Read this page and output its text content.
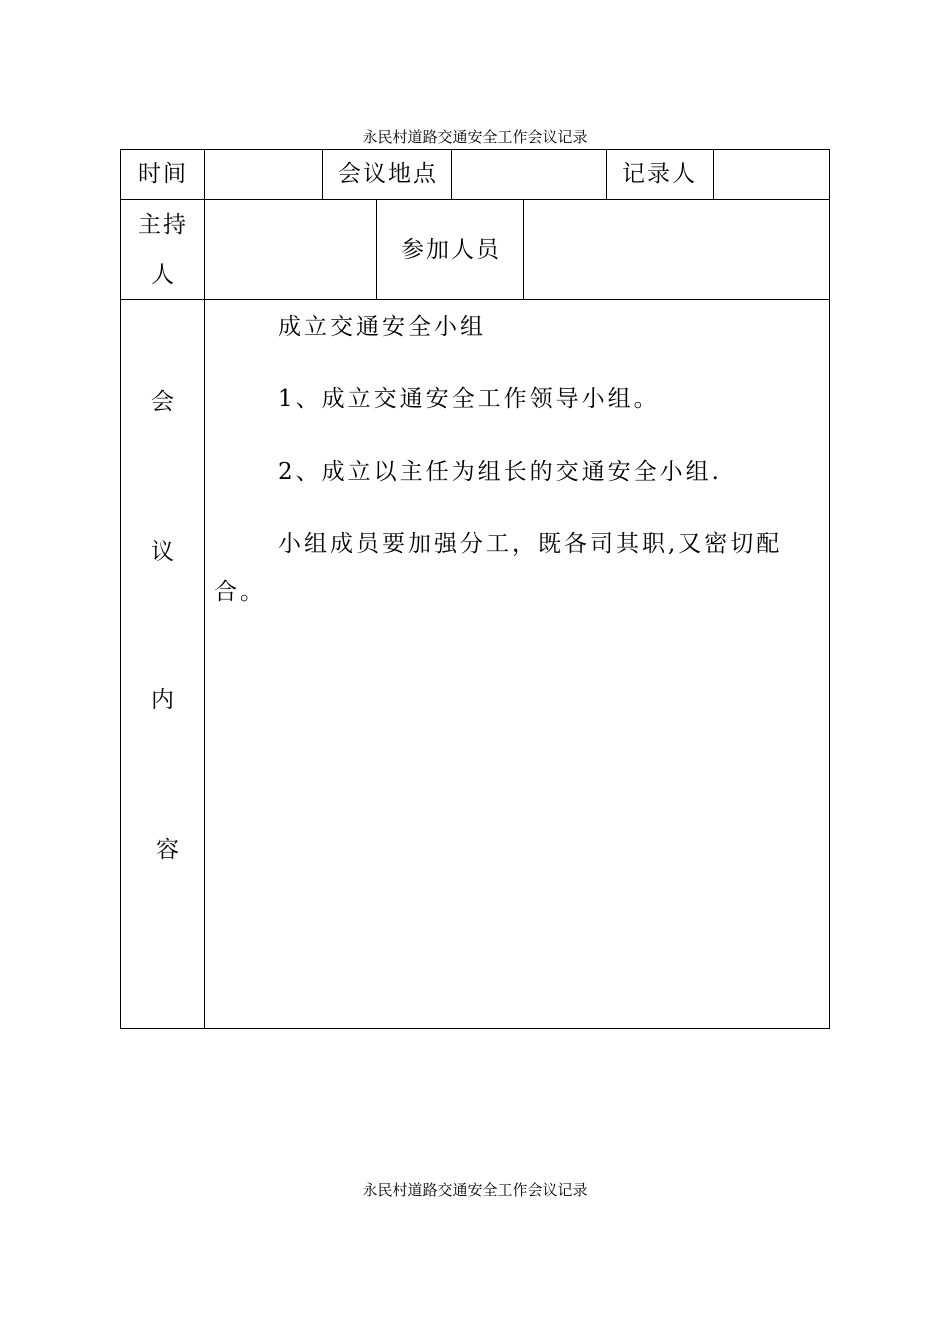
永民村道路交通安全工作会议记录
时间	会议地点	记录人
主持
人
参加人员
会
议
内
容
成立交通安全小组
1、成立交通安全工作领导小组。
2、成立以主任为组长的交通安全小组.
小组成员要加强分工，既各司其职,又密切配
合。
永民村道路交通安全工作会议记录
